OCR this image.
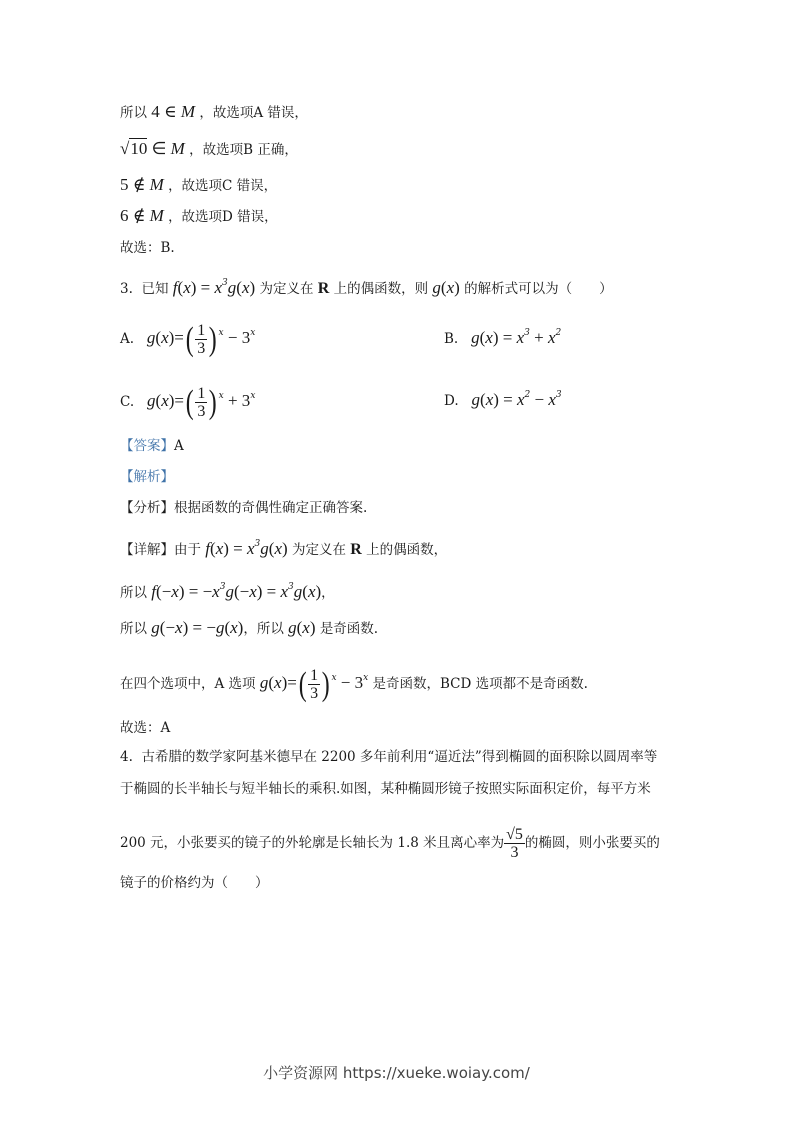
所以 4 ∈ M ，故选项A 错误，
√10 ∈ M ，故选项B 正确，
5 ∉ M ，故选项C 错误，
6 ∉ M ，故选项D 错误，
故选：B.
3. 已知 $f(x) = x^3g(x)$ 为定义在 R 上的偶函数，则 g(x) 的解析式可以为（　　）
A. $g(x)=( \frac{1}{3}$ ) $^x - 3^x$	B. $g(x) = x^3 + x^2$
C. $g(x)=( \frac{1}{3}$ ) $^x + 3^x$	D. $g(x) = x^2 - x^3$
【答案】A
【解析】
【分析】根据函数的奇偶性确定正确答案.
【详解】由于 $f(x) = x^3g(x)$ 为定义在 R 上的偶函数，
所以 $f(-x) = -x^3g(-x) = x^3g(x)$，
所以 g(−x) = −g(x)，所以 g(x) 是奇函数.
在四个选项中，A 选项 $g(x)=( \frac{1}{3}$ ) $^x - 3^x$ 是奇函数，BCD 选项都不是奇函数.
故选：A
4. 古希腊的数学家阿基米德早在 2200 多年前利用“逼近法”得到椭圆的面积除以圆周率等
于椭圆的长半轴长与短半轴长的乘积.如图，某种椭圆形镜子按照实际面积定价，每平方米
200 元，小张要买的镜子的外轮廓是长轴长为 1.8 米且离心率为 $\frac{√5}{3}$ 的椭圆，则小张要买的
镜子的价格约为（　　）
小学资源网 https://xueke.woiay.com/
